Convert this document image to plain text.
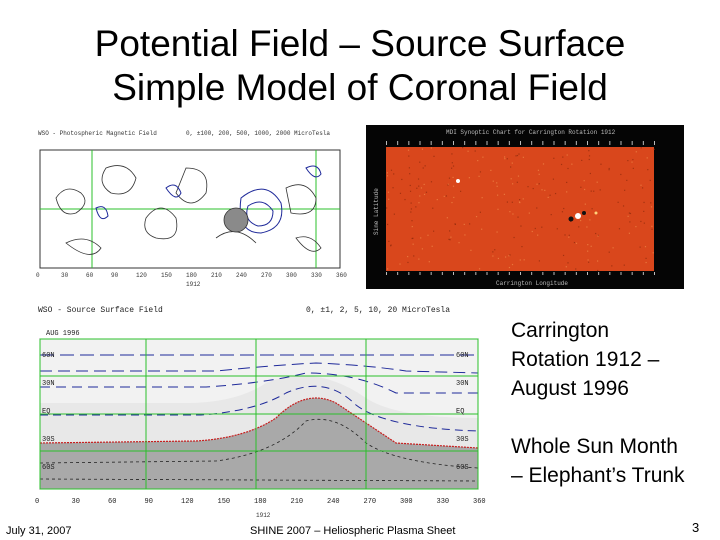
Potential Field – Source Surface
Simple Model of Coronal Field
WSO - Photospheric Magnetic Field	0, ±100, 200, 500, 1000, 2000 MicroTesla
0	30	60	90	120 150 180 210 240 270 300 330 360
1912
MDI Synoptic Chart for Carrington Rotation 1912
Sine Latitude
Carrington Longitude
WSO - Source Surface Field	0, ±1, 2, 5, 10, 20 MicroTesla
AUG 1996
60N	60N
30N	30N
EQ	EQ
30S	30S
60S	60S
0	30	60	90	120	150	180	210	240	270	300	330	360
1912
Carrington
Rotation 1912 –
August 1996
Whole Sun Month
– Elephant’s Trunk
July 31, 2007	SHINE 2007 – Heliospheric Plasma Sheet	3
